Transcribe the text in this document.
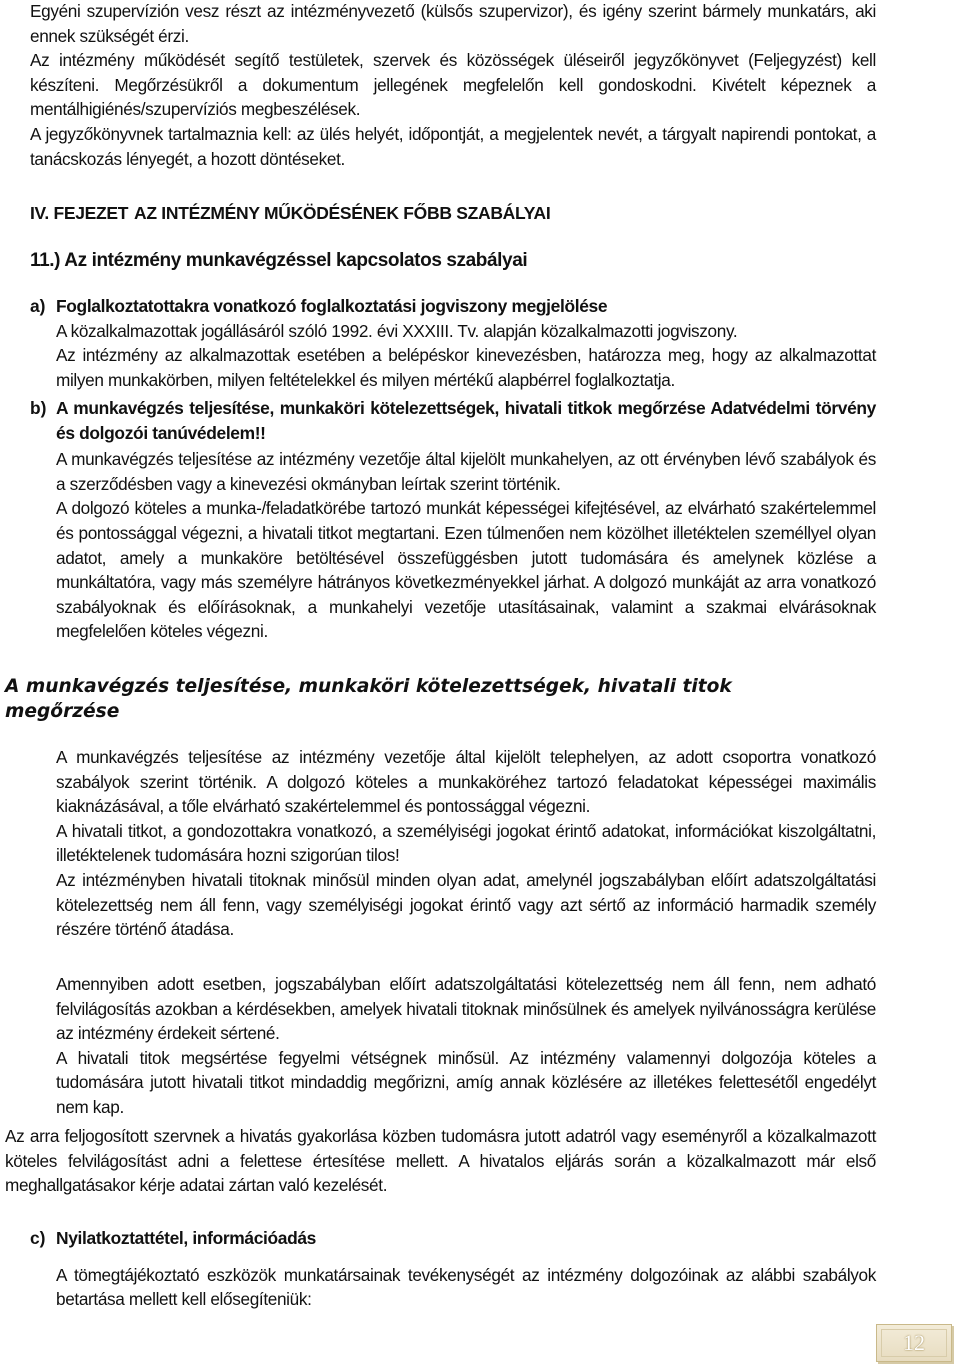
Egyéni szupervízión vesz részt az intézményvezető (külsős szupervizor), és igény szerint bármely munkatárs, aki ennek szükségét érzi.

Az intézmény működését segítő testületek, szervek és közösségek üléseiről jegyzőkönyvet (Feljegyzést) kell készíteni. Megőrzésükről a dokumentum jellegének megfelelőn kell gondoskodni. Kivételt képeznek a mentálhigiénés/szupervíziós megbeszélések.

A jegyzőkönyvnek tartalmaznia kell: az ülés helyét, időpontját, a megjelentek nevét, a tárgyalt napirendi pontokat, a tanácskozás lényegét, a hozott döntéseket.

IV. FEJEZET AZ INTÉZMÉNY MŰKÖDÉSÉNEK FŐBB SZABÁLYAI
11.) Az intézmény munkavégzéssel kapcsolatos szabályai
a) Foglalkoztatottakra vonatkozó foglalkoztatási jogviszony megjelölése

A közalkalmazottak jogállásáról szóló 1992. évi XXXIII. Tv. alapján közalkalmazotti jogviszony.

Az intézmény az alkalmazottak esetében a belépéskor kinevezésben, határozza meg, hogy az alkalmazottat milyen munkakörben, milyen feltételekkel és milyen mértékű alapbérrel foglalkoztatja.

b) A munkavégzés teljesítése, munkaköri kötelezettségek, hivatali titkok megőrzése Adatvédelmi törvény és dolgozói tanúvédelem!!

A munkavégzés teljesítése az intézmény vezetője által kijelölt munkahelyen, az ott érvényben lévő szabályok és a szerződésben vagy a kinevezési okmányban leírtak szerint történik.

A dolgozó köteles a munka-/feladatkörébe tartozó munkát képességei kifejtésével, az elvárható szakértelemmel és pontossággal végezni, a hivatali titkot megtartani. Ezen túlmenően nem közölhet illetéktelen személlyel olyan adatot, amely a munkaköre betöltésével összefüggésben jutott tudomására és amelynek közlése a munkáltatóra, vagy más személyre hátrányos következményekkel járhat. A dolgozó munkáját az arra vonatkozó szabályoknak és előírásoknak, a munkahelyi vezetője utasításainak, valamint a szakmai elvárásoknak megfelelően köteles végezni.

A munkavégzés teljesítése, munkaköri kötelezettségek, hivatali titok megőrzése

A munkavégzés teljesítése az intézmény vezetője által kijelölt telephelyen, az adott csoportra vonatkozó szabályok szerint történik. A dolgozó köteles a munkaköréhez tartozó feladatokat képességei maximális kiaknázásával, a tőle elvárható szakértelemmel és pontossággal végezni.

A hivatali titkot, a gondozottakra vonatkozó, a személyiségi jogokat érintő adatokat, információkat kiszolgáltatni, illetéktelenek tudomására hozni szigorúan tilos!

Az intézményben hivatali titoknak minősül minden olyan adat, amelynél jogszabályban előírt adatszolgáltatási kötelezettség nem áll fenn, vagy személyiségi jogokat érintő vagy azt sértő az információ harmadik személy részére történő átadása.

Amennyiben adott esetben, jogszabályban előírt adatszolgáltatási kötelezettség nem áll fenn, nem adható felvilágosítás azokban a kérdésekben, amelyek hivatali titoknak minősülnek és amelyek nyilvánosságra kerülése az intézmény érdekeit sértené.

A hivatali titok megsértése fegyelmi vétségnek minősül. Az intézmény valamennyi dolgozója köteles a tudomására jutott hivatali titkot mindaddig megőrizni, amíg annak közlésére az illetékes felettesétől engedélyt nem kap.

Az arra feljogosított szervnek a hivatás gyakorlása közben tudomásra jutott adatról vagy eseményről a közalkalmazott köteles felvilágosítást adni a felettese értesítése mellett. A hivatalos eljárás során a közalkalmazott már első meghallgatásakor kérje adatai zártan való kezelését.

c) Nyilatkoztattétel, információadás

A tömegtájékoztató eszközök munkatársainak tevékenységét az intézmény dolgozóinak az alábbi szabályok betartása mellett kell elősegíteniük:

12
